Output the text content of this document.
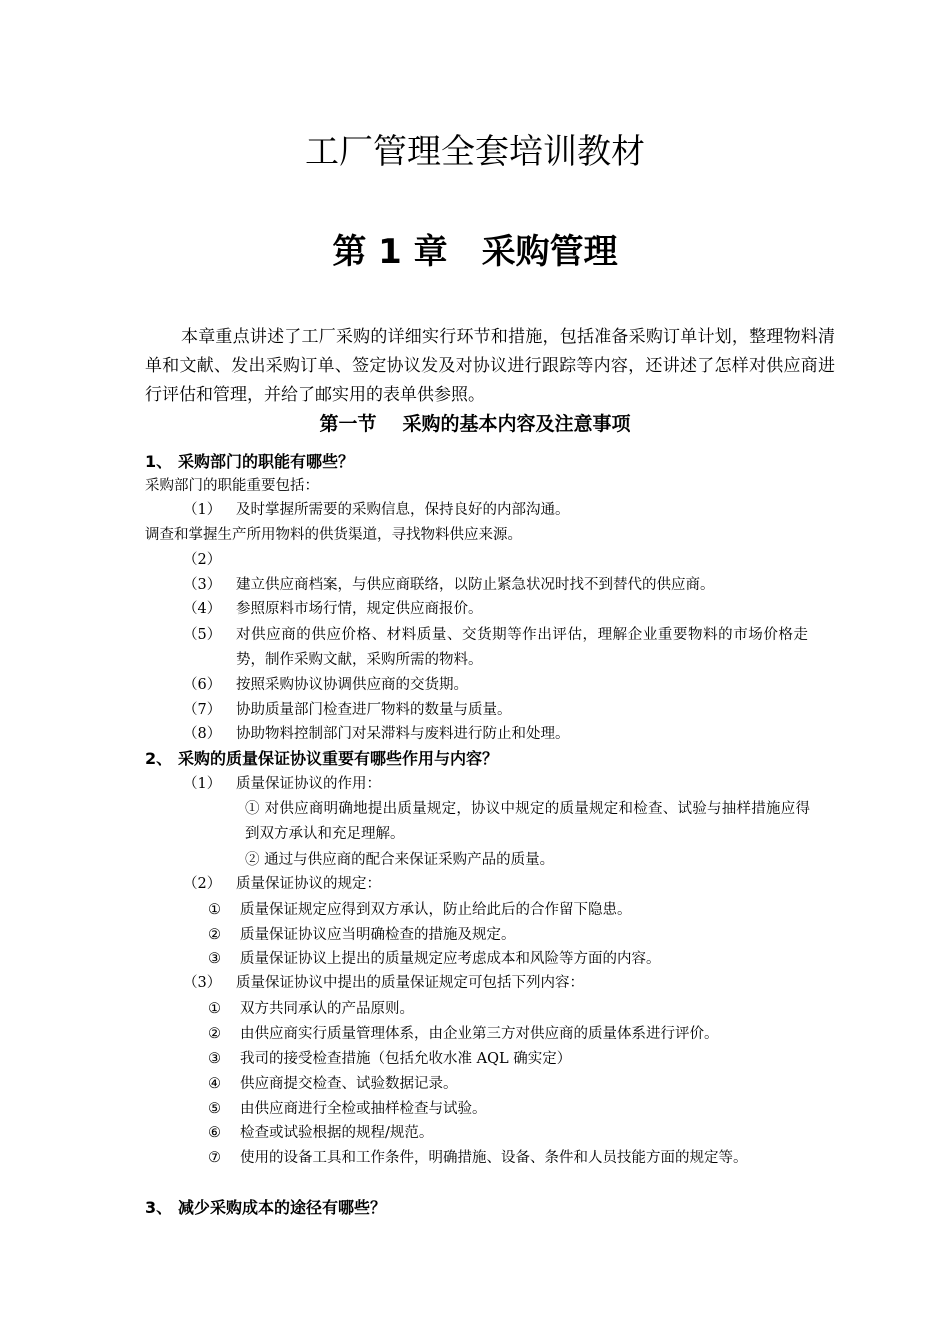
工厂管理全套培训教材
第 1 章 采购管理
本章重点讲述了工厂采购的详细实行环节和措施，包括准备采购订单计划，整理物料清单和文献、发出采购订单、签定协议发及对协议进行跟踪等内容，还讲述了怎样对供应商进行评估和管理，并给了邮实用的表单供参照。
第一节 采购的基本内容及注意事项
1、 采购部门的职能有哪些？
采购部门的职能重要包括：
（1）	及时掌握所需要的采购信息，保持良好的内部沟通。
调查和掌握生产所用物料的供货渠道，寻找物料供应来源。
（2）
（3）	建立供应商档案，与供应商联络，以防止紧急状况时找不到替代的供应商。
（4）	参照原料市场行情，规定供应商报价。
（5）	对供应商的供应价格、材料质量、交货期等作出评估，理解企业重要物料的市场价格走势，制作采购文献，采购所需的物料。
（6）	按照采购协议协调供应商的交货期。
（7）	协助质量部门检查进厂物料的数量与质量。
（8）	协助物料控制部门对呆滞料与废料进行防止和处理。
2、 采购的质量保证协议重要有哪些作用与内容？
（1）	质量保证协议的作用：
① 对供应商明确地提出质量规定，协议中规定的质量规定和检查、试验与抽样措施应得到双方承认和充足理解。
② 通过与供应商的配合来保证采购产品的质量。
（2）	质量保证协议的规定：
①	质量保证规定应得到双方承认，防止给此后的合作留下隐患。
②	质量保证协议应当明确检查的措施及规定。
③	质量保证协议上提出的质量规定应考虑成本和风险等方面的内容。
（3）	质量保证协议中提出的质量保证规定可包括下列内容：
①	双方共同承认的产品原则。
②	由供应商实行质量管理体系，由企业第三方对供应商的质量体系进行评价。
③	我司的接受检查措施（包括允收水准 AQL 确实定）
④	供应商提交检查、试验数据记录。
⑤	由供应商进行全检或抽样检查与试验。
⑥	检查或试验根据的规程/规范。
⑦	使用的设备工具和工作条件，明确措施、设备、条件和人员技能方面的规定等。
3、 减少采购成本的途径有哪些？
